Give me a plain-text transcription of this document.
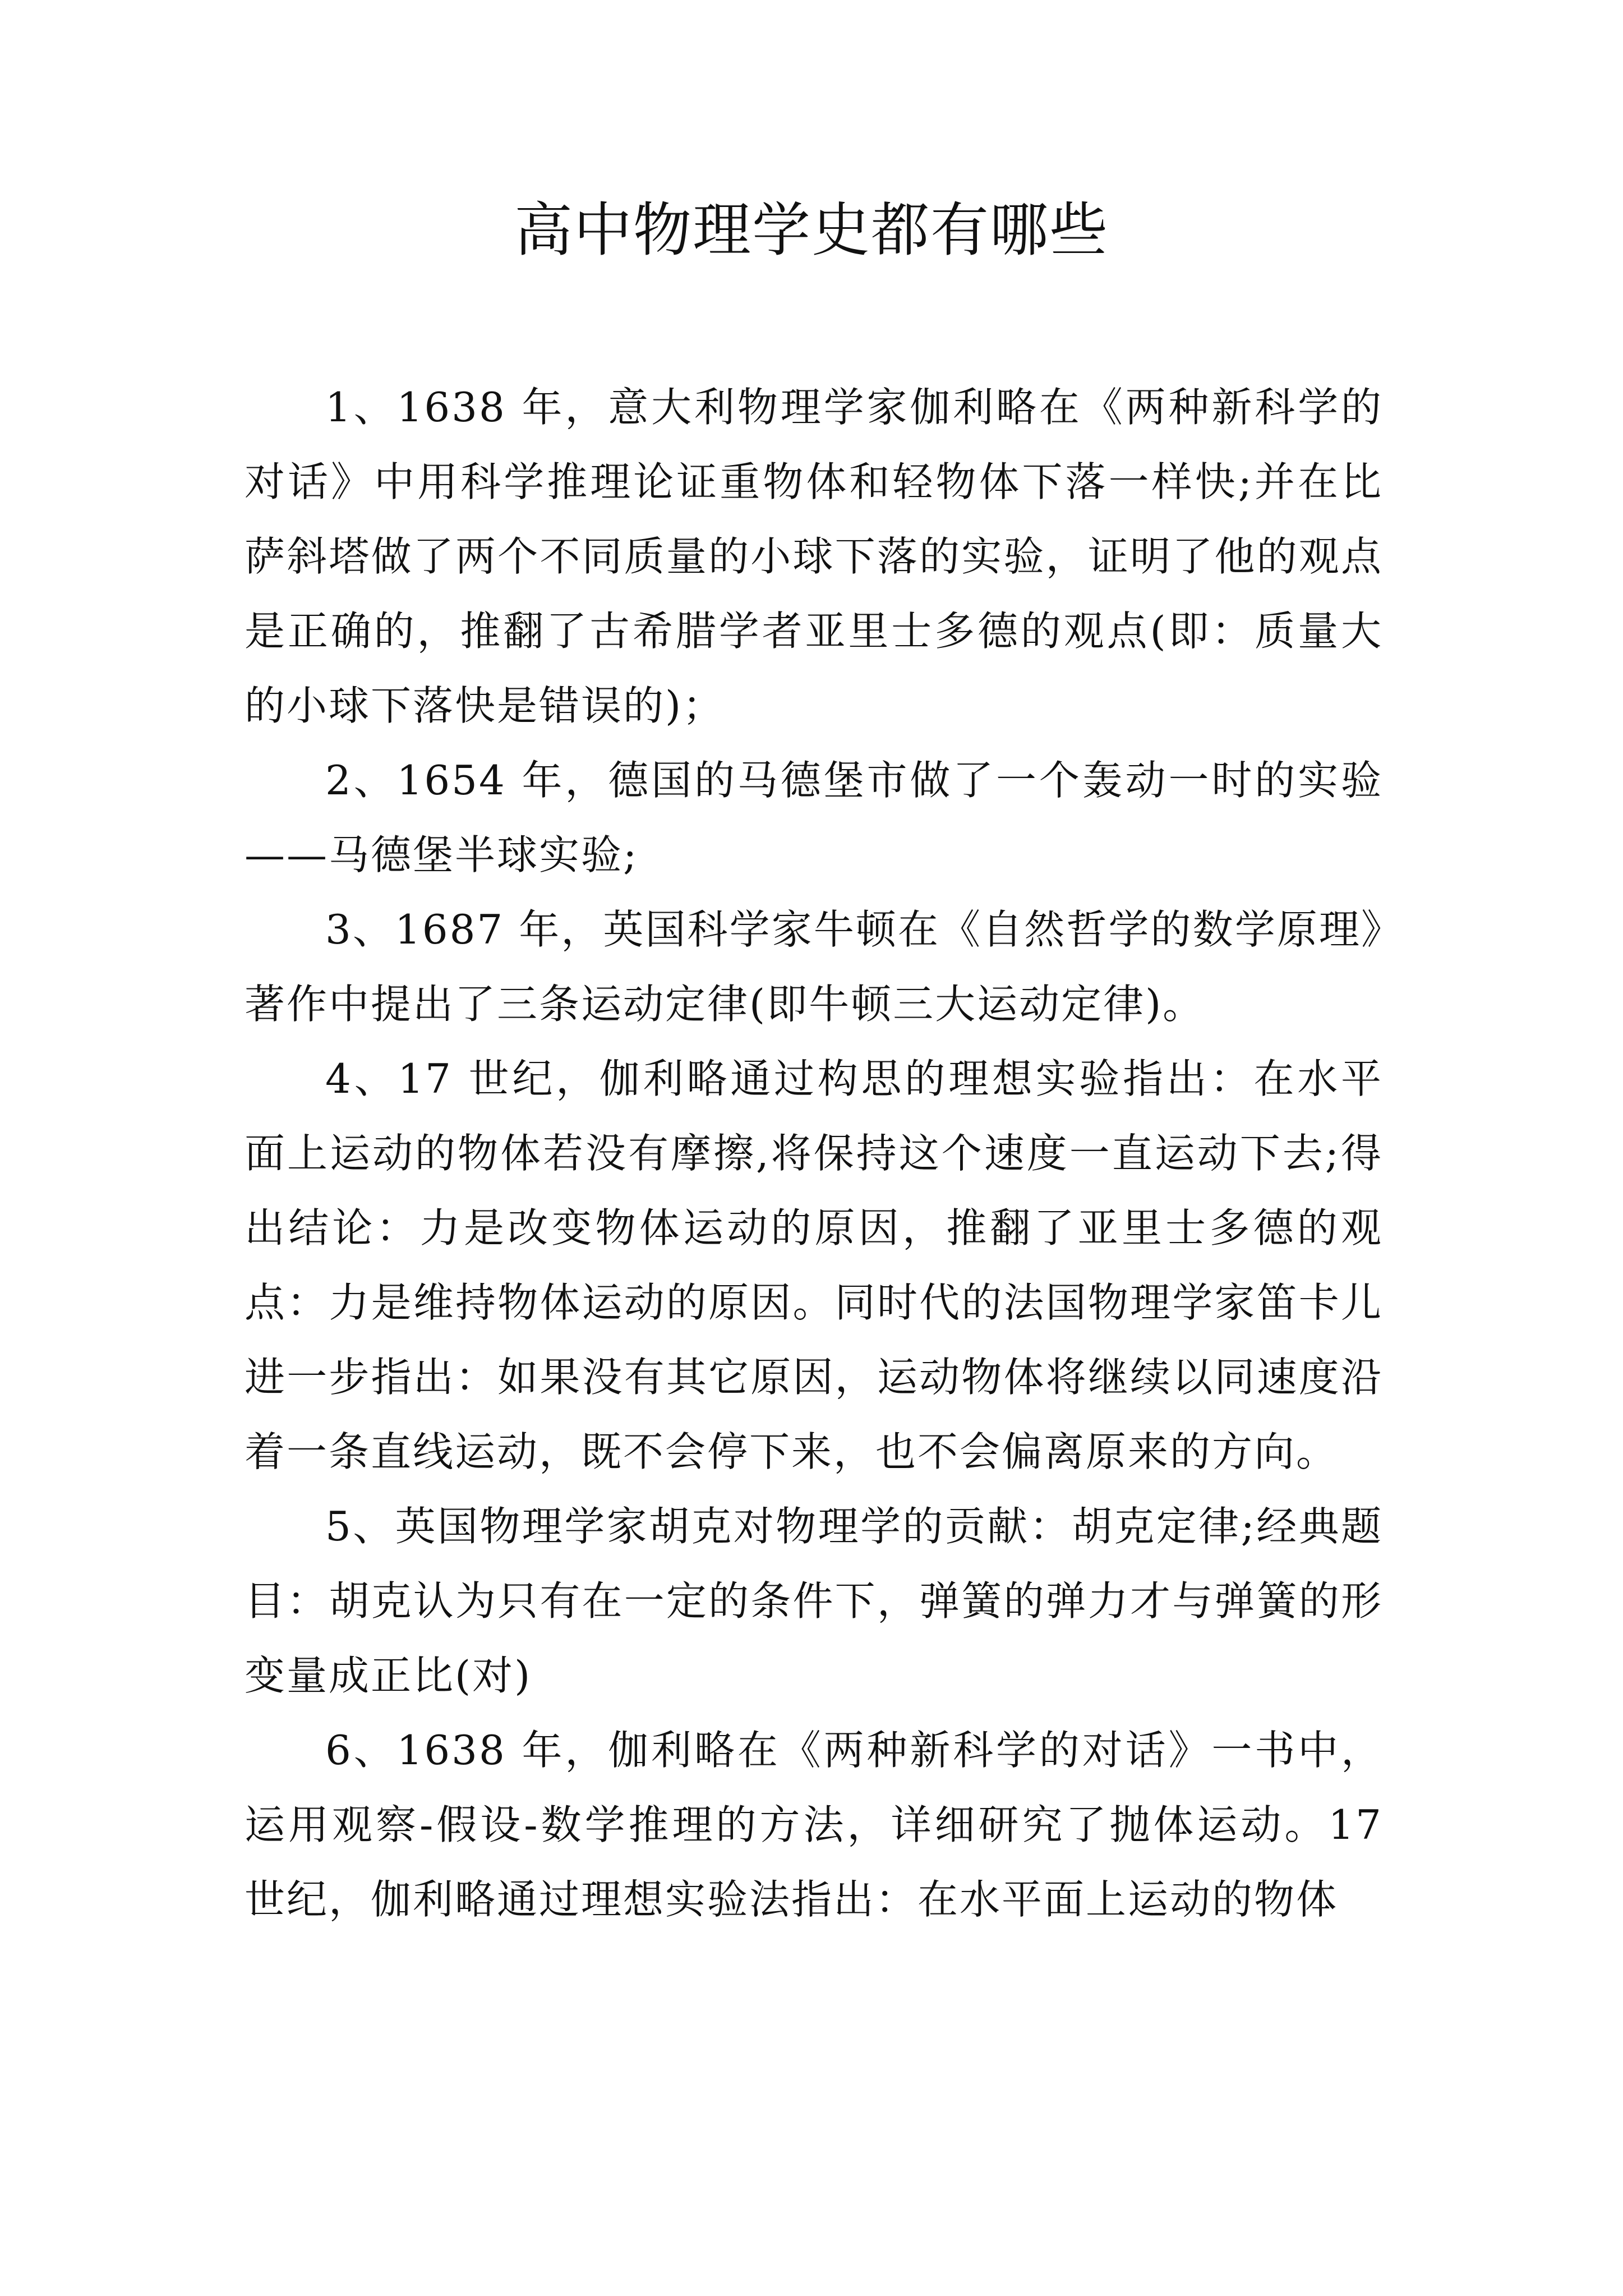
高中物理学史都有哪些

1、1638 年，意大利物理学家伽利略在《两种新科学的对话》中用科学推理论证重物体和轻物体下落一样快;并在比萨斜塔做了两个不同质量的小球下落的实验，证明了他的观点是正确的，推翻了古希腊学者亚里士多德的观点(即：质量大的小球下落快是错误的)；

2、1654 年，德国的马德堡市做了一个轰动一时的实验——马德堡半球实验;

3、1687 年，英国科学家牛顿在《自然哲学的数学原理》著作中提出了三条运动定律(即牛顿三大运动定律)。

4、17 世纪，伽利略通过构思的理想实验指出：在水平面上运动的物体若没有摩擦,将保持这个速度一直运动下去;得出结论：力是改变物体运动的原因，推翻了亚里士多德的观点：力是维持物体运动的原因。同时代的法国物理学家笛卡儿进一步指出：如果没有其它原因，运动物体将继续以同速度沿着一条直线运动，既不会停下来，也不会偏离原来的方向。

5、英国物理学家胡克对物理学的贡献：胡克定律;经典题目：胡克认为只有在一定的条件下，弹簧的弹力才与弹簧的形变量成正比(对)

6、1638 年，伽利略在《两种新科学的对话》一书中，运用观察-假设-数学推理的方法，详细研究了抛体运动。17 世纪，伽利略通过理想实验法指出：在水平面上运动的物体
